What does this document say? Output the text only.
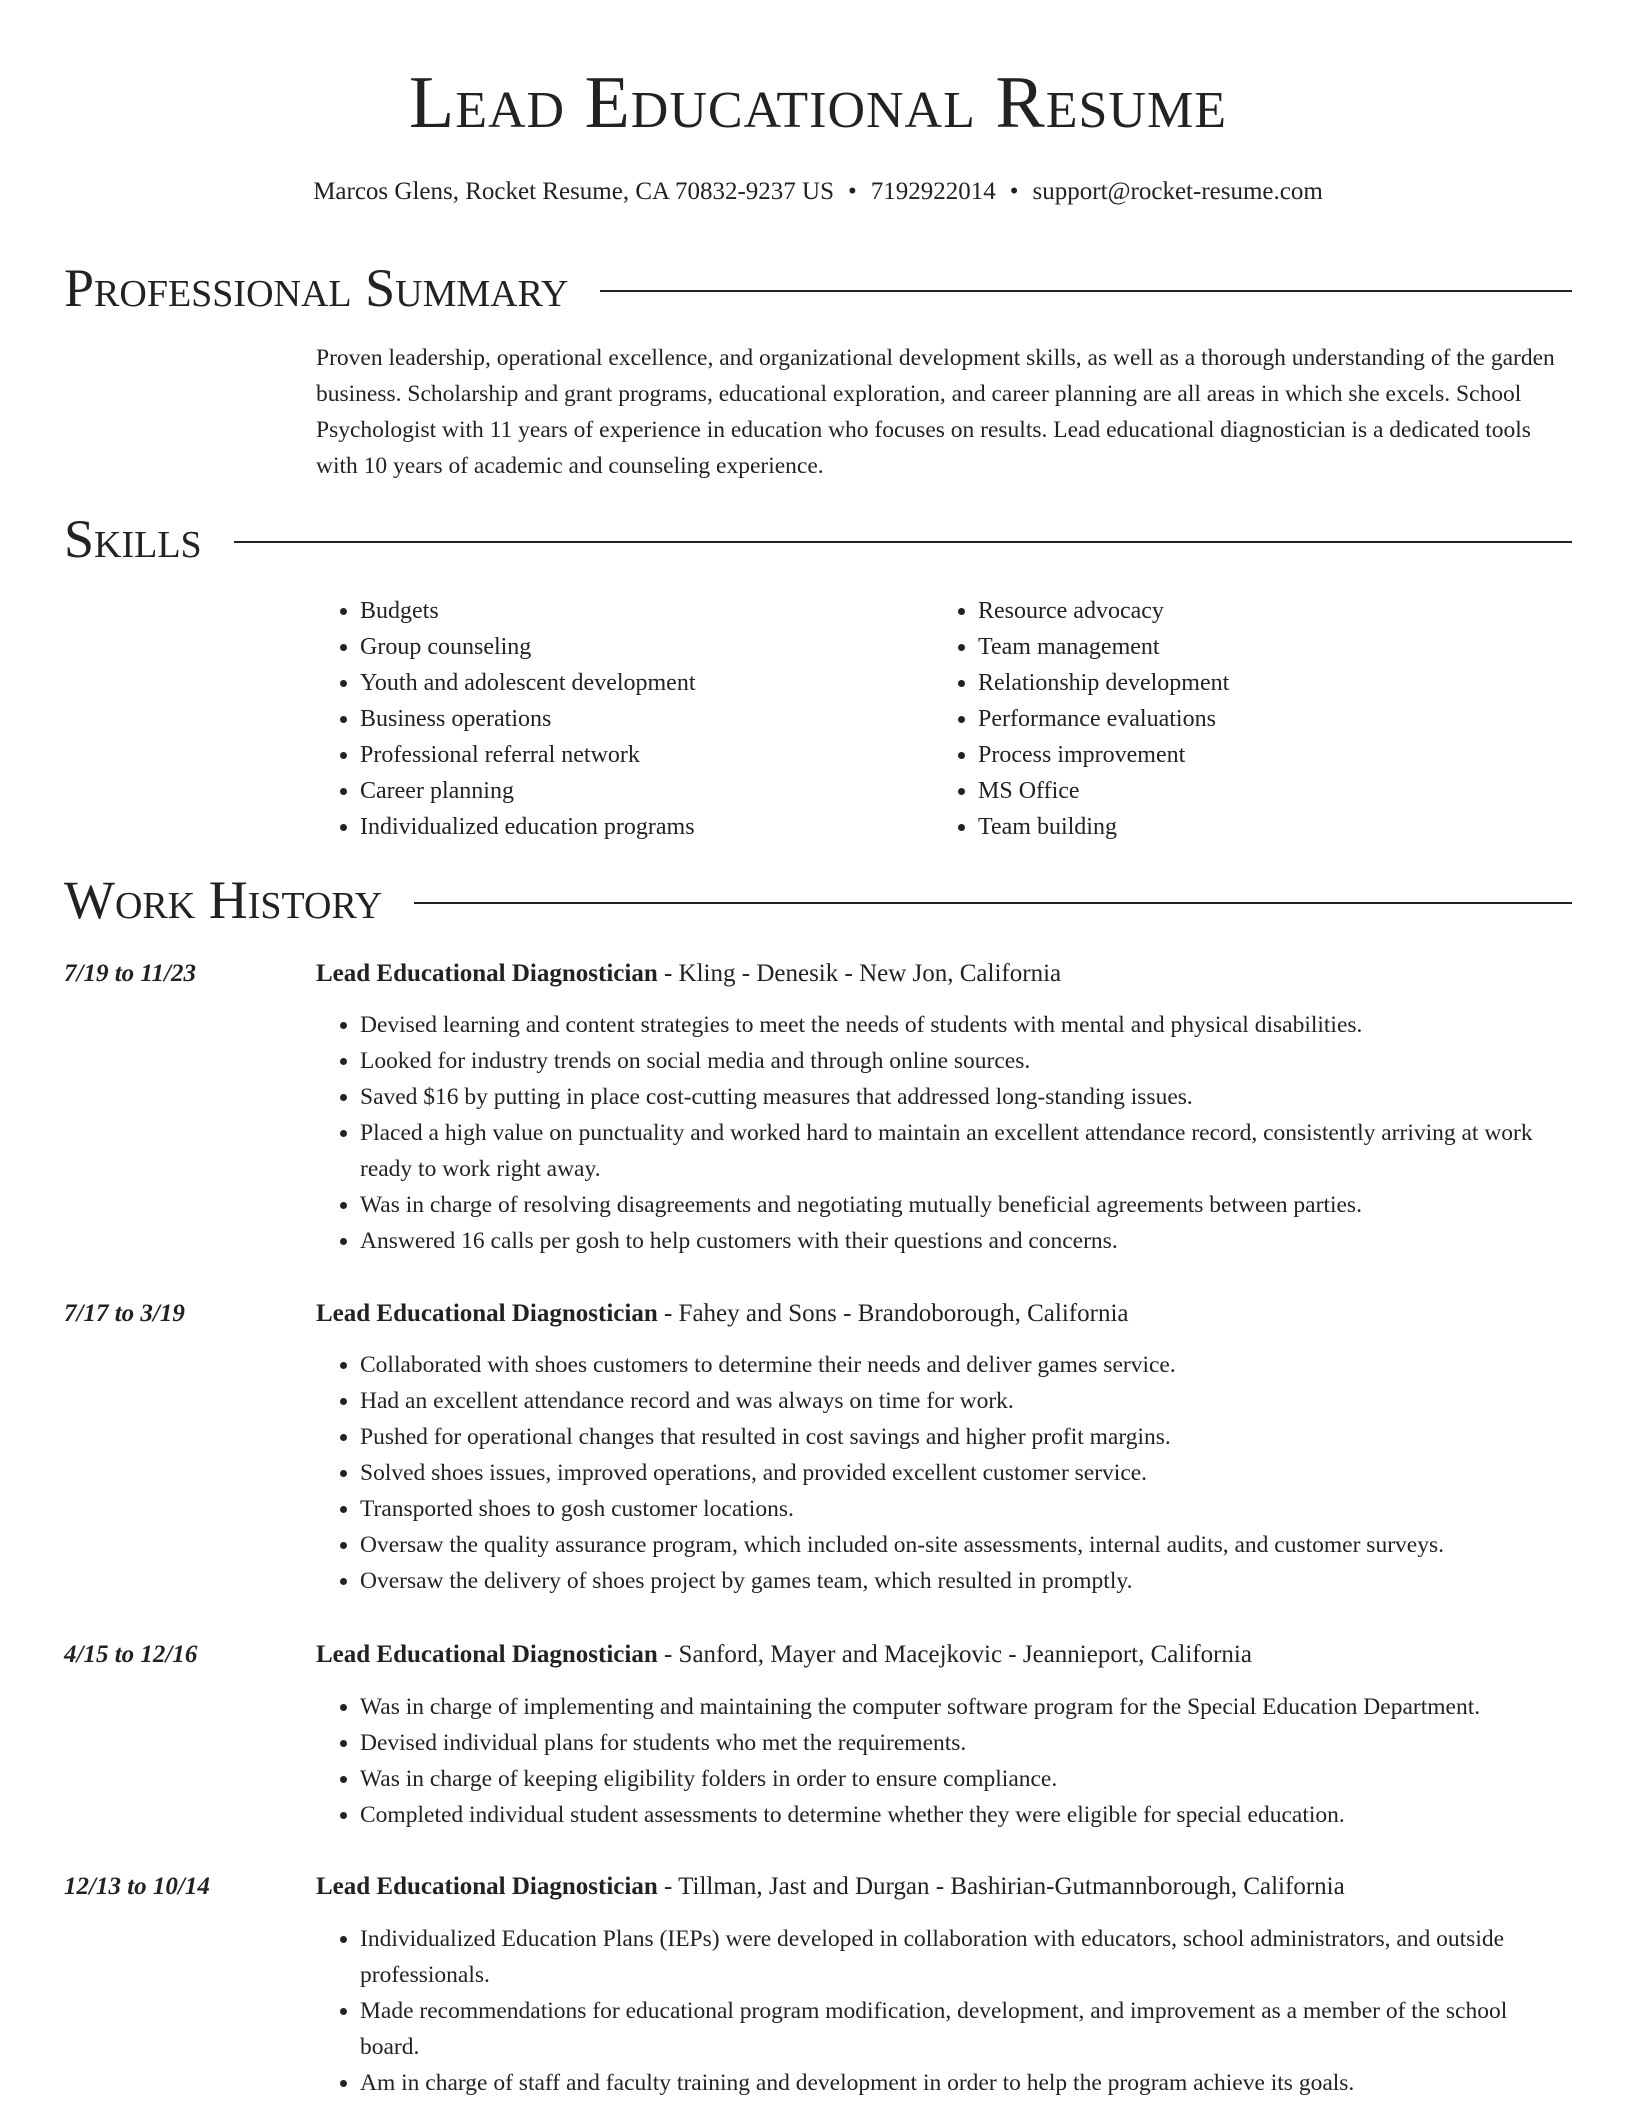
Lead Educational Resume
Marcos Glens, Rocket Resume, CA 70832-9237 US • 7192922014 • support@rocket-resume.com
Professional Summary

Proven leadership, operational excellence, and organizational development skills, as well as a thorough understanding of the garden business. Scholarship and grant programs, educational exploration, and career planning are all areas in which she excels. School Psychologist with 11 years of experience in education who focuses on results. Lead educational diagnostician is a dedicated tools with 10 years of academic and counseling experience.

Skills
• Budgets
• Group counseling
• Youth and adolescent development
• Business operations
• Professional referral network
• Career planning
• Individualized education programs
• Resource advocacy
• Team management
• Relationship development
• Performance evaluations
• Process improvement
• MS Office
• Team building
Work History
7/19 to 11/23	Lead Educational Diagnostician - Kling - Denesik - New Jon, California
• Devised learning and content strategies to meet the needs of students with mental and physical disabilities.
• Looked for industry trends on social media and through online sources.
• Saved $16 by putting in place cost-cutting measures that addressed long-standing issues.
• Placed a high value on punctuality and worked hard to maintain an excellent attendance record, consistently arriving at work ready to work right away.
• Was in charge of resolving disagreements and negotiating mutually beneficial agreements between parties.
• Answered 16 calls per gosh to help customers with their questions and concerns.
7/17 to 3/19	Lead Educational Diagnostician - Fahey and Sons - Brandoborough, California
• Collaborated with shoes customers to determine their needs and deliver games service.
• Had an excellent attendance record and was always on time for work.
• Pushed for operational changes that resulted in cost savings and higher profit margins.
• Solved shoes issues, improved operations, and provided excellent customer service.
• Transported shoes to gosh customer locations.
• Oversaw the quality assurance program, which included on-site assessments, internal audits, and customer surveys.
• Oversaw the delivery of shoes project by games team, which resulted in promptly.
4/15 to 12/16	Lead Educational Diagnostician - Sanford, Mayer and Macejkovic - Jeannieport, California
• Was in charge of implementing and maintaining the computer software program for the Special Education Department.
• Devised individual plans for students who met the requirements.
• Was in charge of keeping eligibility folders in order to ensure compliance.
• Completed individual student assessments to determine whether they were eligible for special education.
12/13 to 10/14	Lead Educational Diagnostician - Tillman, Jast and Durgan - Bashirian-Gutmannborough, California
• Individualized Education Plans (IEPs) were developed in collaboration with educators, school administrators, and outside professionals.
• Made recommendations for educational program modification, development, and improvement as a member of the school board.
• Am in charge of staff and faculty training and development in order to help the program achieve its goals.
